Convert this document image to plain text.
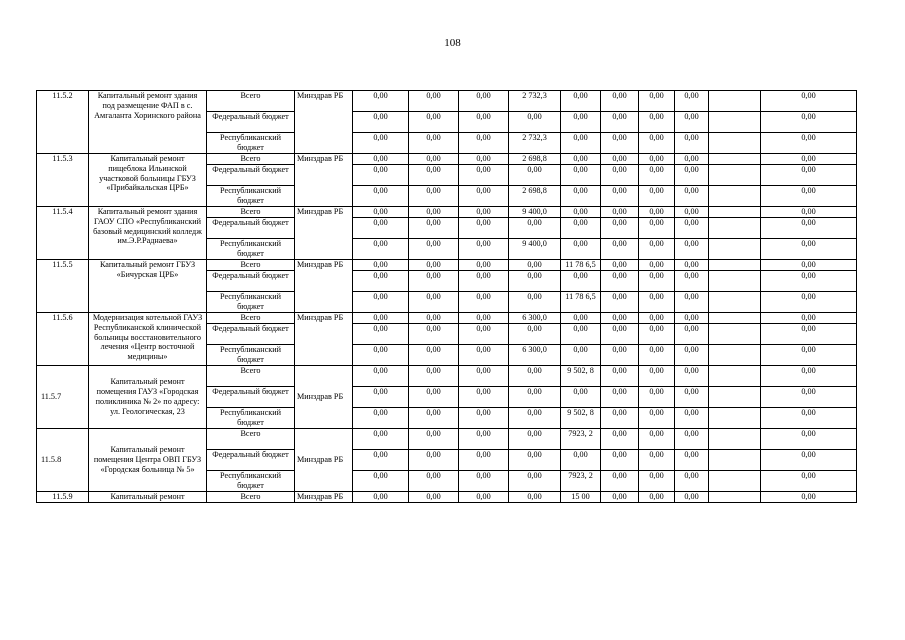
108
11.5.2	Капитальный ремонт здания под размещение ФАП в с. Амгаланта Хоринского района	Всего	Минздрав РБ	0,00	0,00	0,00	2 732,3	0,00	0,00	0,00	0,00		0,00
		Федеральный бюджет		0,00	0,00	0,00	0,00	0,00	0,00	0,00	0,00		0,00
		Республиканский бюджет		0,00	0,00	0,00	2 732,3	0,00	0,00	0,00	0,00		0,00
11.5.3	Капитальный ремонт пищеблока Ильинской участковой больницы ГБУЗ «Прибайкальская ЦРБ»	Всего	Минздрав РБ	0,00	0,00	0,00	2 698,8	0,00	0,00	0,00	0,00		0,00
		Федеральный бюджет		0,00	0,00	0,00	0,00	0,00	0,00	0,00	0,00		0,00
		Республиканский бюджет		0,00	0,00	0,00	2 698,8	0,00	0,00	0,00	0,00		0,00
11.5.4	Капитальный ремонт здания ГАОУ СПО «Республиканский базовый медицинский колледж им.Э.Р.Раднаева»	Всего	Минздрав РБ	0,00	0,00	0,00	9 400,0	0,00	0,00	0,00	0,00		0,00
		Федеральный бюджет		0,00	0,00	0,00	0,00	0,00	0,00	0,00	0,00		0,00
		Республиканский бюджет		0,00	0,00	0,00	9 400,0	0,00	0,00	0,00	0,00		0,00
11.5.5	Капитальный ремонт ГБУЗ «Бичурская ЦРБ»	Всего	Минздрав РБ	0,00	0,00	0,00	0,00	11 78 6,5	0,00	0,00	0,00		0,00
		Федеральный бюджет		0,00	0,00	0,00	0,00	0,00	0,00	0,00	0,00		0,00
		Республиканский бюджет		0,00	0,00	0,00	0,00	11 78 6,5	0,00	0,00	0,00		0,00
11.5.6	Модернизация котельной ГАУЗ Республиканской клинической больницы восстановительного лечения «Центр восточной медицины»	Всего	Минздрав РБ	0,00	0,00	0,00	6 300,0	0,00	0,00	0,00	0,00		0,00
		Федеральный бюджет		0,00	0,00	0,00	0,00	0,00	0,00	0,00	0,00		0,00
		Республиканский бюджет		0,00	0,00	0,00	6 300,0	0,00	0,00	0,00	0,00		0,00
11.5.7	Капитальный ремонт помещения ГАУЗ «Городская поликлиника № 2» по адресу: ул. Геологическая, 23	Всего	Минздрав РБ	0,00	0,00	0,00	0,00	9 502, 8	0,00	0,00	0,00		0,00
		Федеральный бюджет		0,00	0,00	0,00	0,00	0,00	0,00	0,00	0,00		0,00
		Республиканский бюджет		0,00	0,00	0,00	0,00	9 502, 8	0,00	0,00	0,00		0,00
11.5.8	Капитальный ремонт помещения Центра ОВП ГБУЗ «Городская больница № 5»	Всего	Минздрав РБ	0,00	0,00	0,00	0,00	7923, 2	0,00	0,00	0,00		0,00
		Федеральный бюджет		0,00	0,00	0,00	0,00	0,00	0,00	0,00	0,00		0,00
		Республиканский бюджет		0,00	0,00	0,00	0,00	7923, 2	0,00	0,00	0,00		0,00
11.5.9	Капитальный ремонт	Всего	Минздрав РБ	0,00	0,00	0,00	0,00	15 00	0,00	0,00	0,00		0,00
